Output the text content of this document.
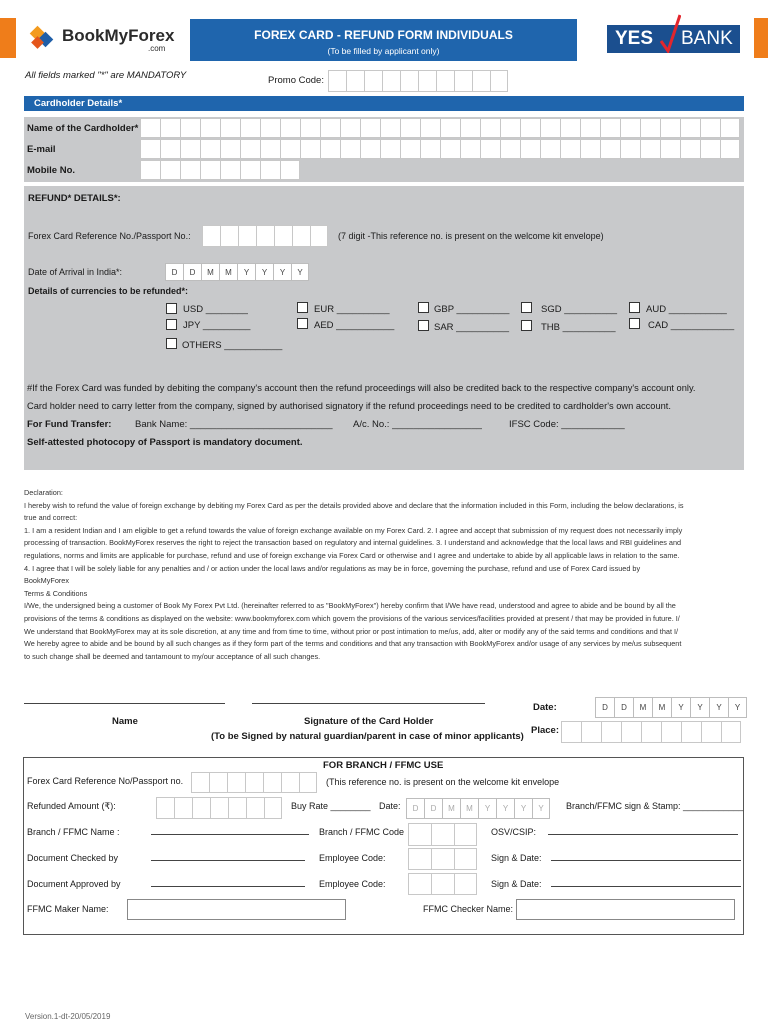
BookMyForex
.com
FOREX CARD - REFUND FORM INDIVIDUALS
(To be filled by applicant only)
YES BANK
All fields marked "*" are MANDATORY	Promo Code:
Cardholder Details*
Name of the Cardholder*
E-mail
Mobile No.
REFUND* DETAILS*:
Forex Card Reference No./Passport No.:	(7 digit -This reference no. is present on the welcome kit envelope)
Date of Arrival in India*:	D	D	M	M	Y	Y	Y	Y
Details of currencies to be refunded*:
USD ________	EUR __________	GBP __________	SGD __________	AUD ___________
JPY _________	AED ___________	SAR __________	THB __________	CAD ____________
OTHERS ___________
#If the Forex Card was funded by debiting the company's account then the refund proceedings will also be credited back to the respective company's account only.
Card holder need to carry letter from the company, signed by authorised signatory if the refund proceedings need to be credited to cardholder's own account.
For Fund Transfer: Bank Name: ___________________________ A/c. No.: _________________	IFSC Code: ____________
Self-attested photocopy of Passport is mandatory document.
Declaration:
I hereby wish to refund the value of foreign exchange by debiting my Forex Card as per the details provided above and declare that the information included in this Form, including the below declarations, is
true and correct:
1. I am a resident Indian and I am eligible to get a refund towards the value of foreign exchange available on my Forex Card. 2. I agree and accept that submission of my request does not necessarily imply
processing of transaction. BookMyForex reserves the right to reject the transaction based on regulatory and internal guidelines. 3. I understand and acknowledge that the local laws and RBI guidelines and
regulations, norms and limits are applicable for purchase, refund and use of foreign exchange via Forex Card or otherwise and I agree and undertake to abide by all applicable laws in relation to the same.
4. I agree that I will be solely liable for any penalties and / or action under the local laws and/or regulations as may be in force, governing the purchase, refund and use of Forex Card issued by
BookMyForex
Terms & Conditions
I/We, the undersigned being a customer of Book My Forex Pvt Ltd. (hereinafter referred to as "BookMyForex") hereby confirm that I/We have read, understood and agree to abide and be bound by all the
provisions of the terms & conditions as displayed on the website: www.bookmyforex.com which govern the provisions of the various services/facilities provided at present / that may be provided in future. I/
We understand that BookMyForex may at its sole discretion, at any time and from time to time, without prior or post intimation to me/us, add, alter or modify any of the said terms and conditions and that I/
We hereby agree to abide and be bound by all such changes as if they form part of the terms and conditions and that any transaction with BookMyForex and/or usage of any services by me/us subsequent
to such change shall be deemed and tantamount to my/our acceptance of all such changes.
Name	Signature of the Card Holder
(To be Signed by natural guardian/parent in case of minor applicants)
Date:	D	D	M	M	Y	Y	Y	Y
Place:
FOR BRANCH / FFMC USE
Forex Card Reference No/Passport no.	(This reference no. is present on the welcome kit envelope
Refunded Amount (₹):	Buy Rate ________ Date:	D	D	M	M	Y	Y	Y	Y	Branch/FFMC sign & Stamp: ____________
Branch / FFMC Name :	Branch / FFMC Code	OSV/CSIP:
Document Checked by	Employee Code:	Sign & Date:
Document Approved by	Employee Code:	Sign & Date:
FFMC Maker Name:	FFMC Checker Name:
Version.1-dt-20/05/2019
